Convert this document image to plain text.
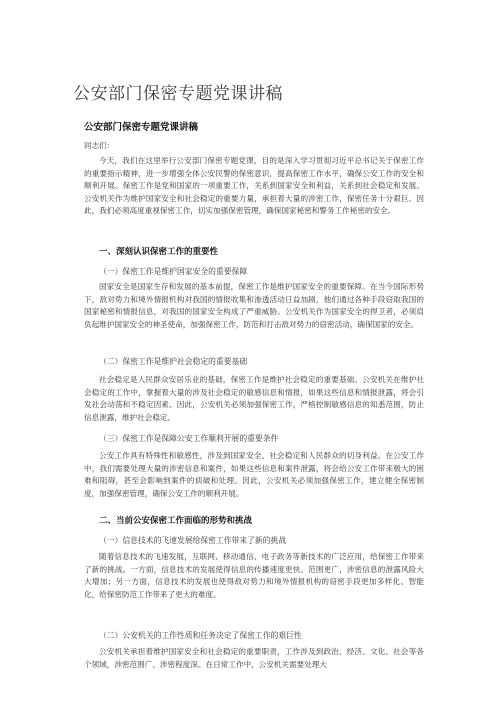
公安部门保密专题党课讲稿
公安部门保密专题党课讲稿
同志们：
今天，我们在这里举行公安部门保密专题党课，目的是深入学习贯彻习近平总书记关于保密工作的重要指示精神，进一步增强全体公安民警的保密意识，提高保密工作水平，确保公安工作的安全和顺利开展。保密工作是党和国家的一项重要工作，关系到国家安全和利益，关系到社会稳定和发展。公安机关作为维护国家安全和社会稳定的重要力量，承担着大量的涉密工作，保密任务十分艰巨。因此，我们必须高度重视保密工作，切实加强保密管理，确保国家秘密和警务工作秘密的安全。
一、深刻认识保密工作的重要性
（一）保密工作是维护国家安全的重要保障
国家安全是国家生存和发展的基本前提，保密工作是维护国家安全的重要保障。在当今国际形势下，敌对势力和境外情报机构对我国的情报收集和渗透活动日益加剧，他们通过各种手段窃取我国的国家秘密和情报信息，对我国的国家安全构成了严重威胁。公安机关作为国家安全的捍卫者，必须肩负起维护国家安全的神圣使命，加强保密工作，防范和打击敌对势力的窃密活动，确保国家的安全。
（二）保密工作是维护社会稳定的重要基础
社会稳定是人民群众安居乐业的基础，保密工作是维护社会稳定的重要基础。公安机关在维护社会稳定的工作中，掌握着大量的涉及社会稳定的敏感信息和情报，如果这些信息和情报泄露，将会引发社会动荡和不稳定因素。因此，公安机关必须加强保密工作，严格控制敏感信息的知悉范围，防止信息泄露，维护社会稳定。
（三）保密工作是保障公安工作顺利开展的重要条件
公安工作具有特殊性和敏感性，涉及到国家安全、社会稳定和人民群众的切身利益。在公安工作中，我们需要处理大量的涉密信息和案件，如果这些信息和案件泄露，将会给公安工作带来极大的困难和阻碍，甚至会影响到案件的侦破和处理。因此，公安机关必须加强保密工作，建立健全保密制度，加强保密管理，确保公安工作的顺利开展。
二、当前公安保密工作面临的形势和挑战
（一）信息技术的飞速发展给保密工作带来了新的挑战
随着信息技术的飞速发展，互联网、移动通信、电子政务等新技术的广泛应用，给保密工作带来了新的挑战。一方面，信息技术的发展使得信息的传播速度更快、范围更广，涉密信息的泄露风险大大增加；另一方面，信息技术的发展也使得敌对势力和境外情报机构的窃密手段更加多样化、智能化，给保密防范工作带来了更大的难度。
（二）公安机关的工作性质和任务决定了保密工作的艰巨性
公安机关承担着维护国家安全和社会稳定的重要职责，工作涉及到政治、经济、文化、社会等各个领域，涉密范围广、涉密程度深。在日常工作中，公安机关需要处理大
